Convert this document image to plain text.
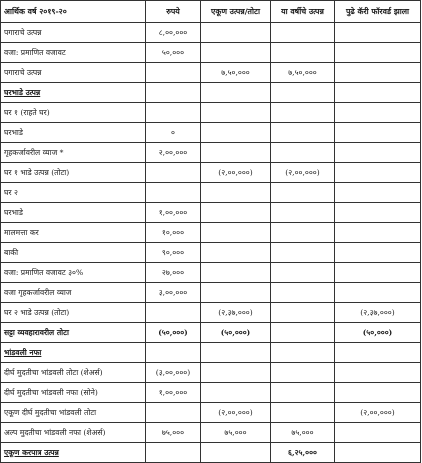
आर्थिक वर्ष २०१९-२०	रुपये	एकूण उत्पन्न/तोटा	या वर्षीचे उत्पन्न	पुढे कॅरी फॉरवर्ड झाला
पगाराचे उत्पन्न	८,००,०००			
वजा: प्रमाणित वजावट	५०,०००			
पगाराचे उत्पन्न		७,५०,०००	७,५०,०००	
घरभाडे उत्पन्न				
घर १ (राहते घर)				
घरभाडे	०			
गृहकर्जावरील व्याज *	२,००,०००			
घर १ भाडे उत्पन्न (तोटा)		(२,००,०००)	(२,००,०००)	
घर २				
घरभाडे	१,००,०००			
मालमत्ता कर	१०,०००			
बाकी	९०,०००			
वजा: प्रमाणित वजावट ३०%	२७,०००			
वजा गृहकर्जावरील व्याज	३,००,०००			
घर २ भाडे उत्पन्न (तोटा)		(२,३७,०००)		(२,३७,०००)
सट्टा व्यवहारावरील तोटा	(५०,०००)	(५०,०००)		(५०,०००)
भांडवली नफा				
दीर्घ मुदतीचा भांडवली तोटा (शेअर्स)	(३,००,०००)			
दीर्घ मुदतीचा भांडवली नफा (सोने)	१,००,०००			
एकूण दीर्घ मुदतीचा भांडवली तोटा		(२,००,०००)		(२,००,०००)
अल्प मुदतीचा भांडवली नफा (शेअर्स)	७५,०००	७५,०००	७५,०००	
एकूण करपात्र उत्पन्न			६,२५,०००	
